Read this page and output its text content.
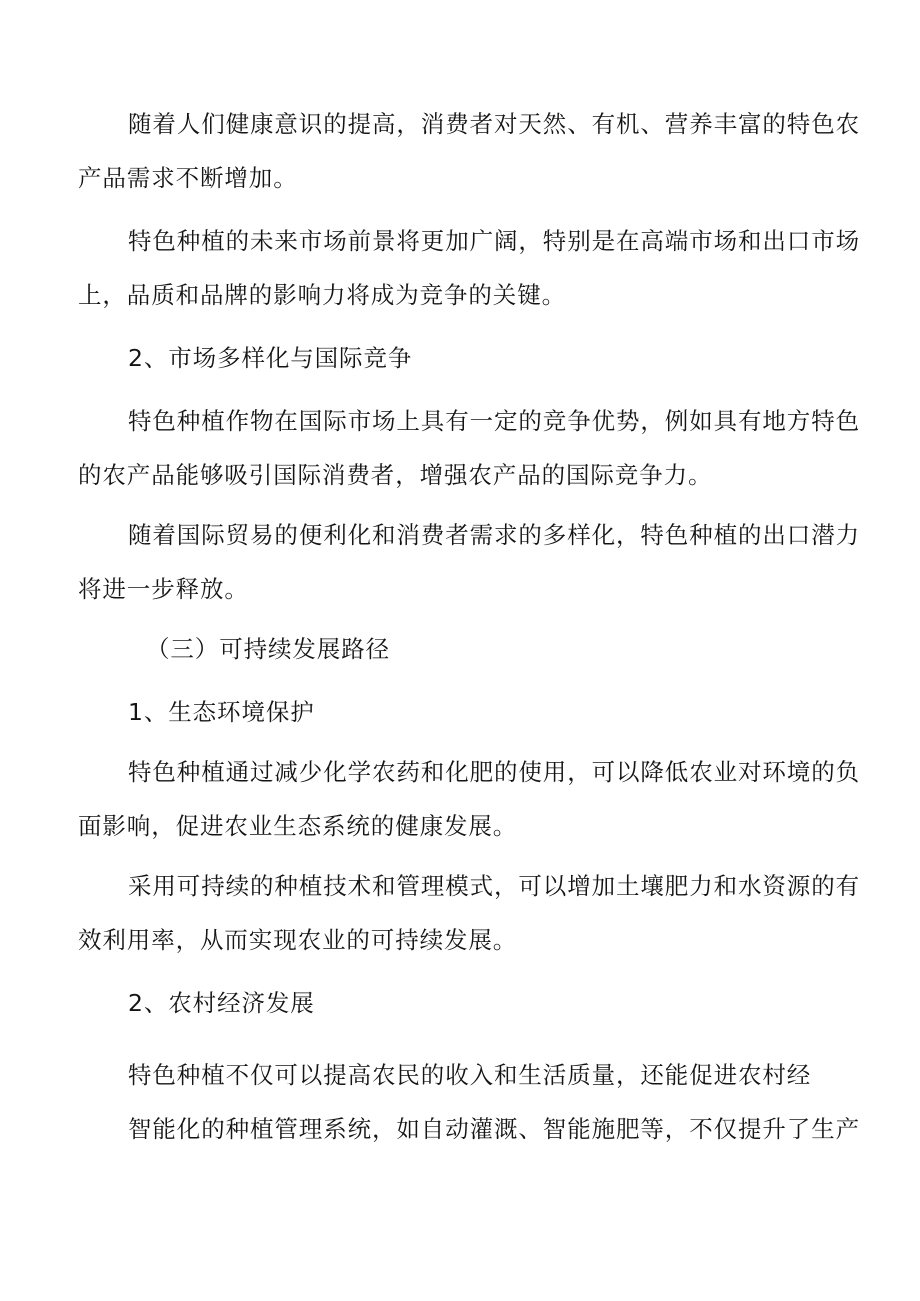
随着人们健康意识的提高，消费者对天然、有机、营养丰富的特色农
产品需求不断增加。
特色种植的未来市场前景将更加广阔，特别是在高端市场和出口市场
上，品质和品牌的影响力将成为竞争的关键。
2、市场多样化与国际竞争
特色种植作物在国际市场上具有一定的竞争优势，例如具有地方特色
的农产品能够吸引国际消费者，增强农产品的国际竞争力。
随着国际贸易的便利化和消费者需求的多样化，特色种植的出口潜力
将进一步释放。
（三）可持续发展路径
1、生态环境保护
特色种植通过减少化学农药和化肥的使用，可以降低农业对环境的负
面影响，促进农业生态系统的健康发展。
采用可持续的种植技术和管理模式，可以增加土壤肥力和水资源的有
效利用率，从而实现农业的可持续发展。
2、农村经济发展
特色种植不仅可以提高农民的收入和生活质量，还能促进农村经
智能化的种植管理系统，如自动灌溉、智能施肥等，不仅提升了生产
